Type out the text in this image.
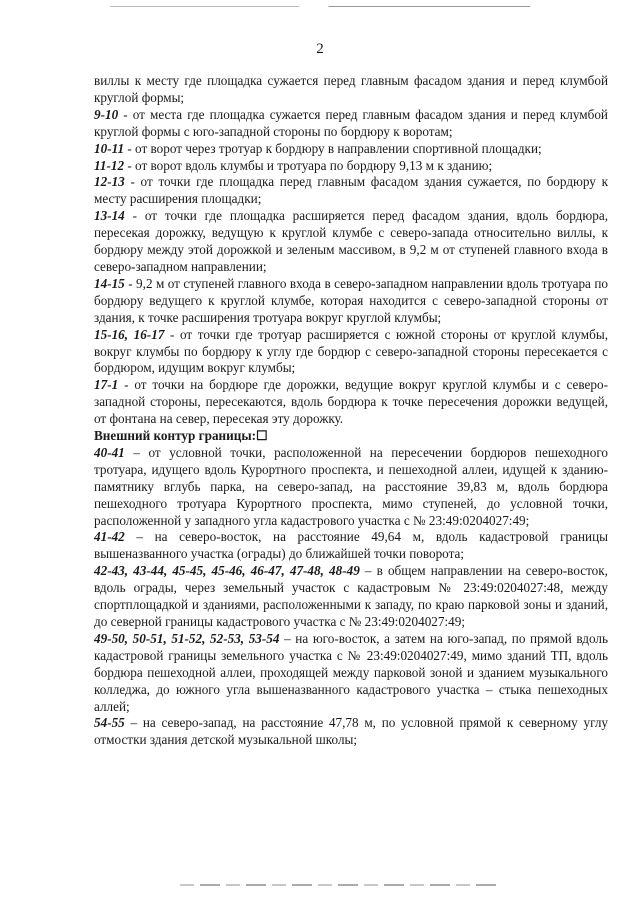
2

виллы к месту где площадка сужается перед главным фасадом здания и перед клумбой круглой формы;

9-10 - от места где площадка сужается перед главным фасадом здания и перед клумбой круглой формы с юго-западной стороны по бордюру к воротам;

10-11 - от ворот через тротуар к бордюру в направлении спортивной площадки;

11-12 - от ворот вдоль клумбы и тротуара по бордюру 9,13 м к зданию;

12-13 - от точки где площадка перед главным фасадом здания сужается, по бордюру к месту расширения площадки;

13-14 - от точки где площадка расширяется перед фасадом здания, вдоль бордюра, пересекая дорожку, ведущую к круглой клумбе с северо-запада относительно виллы, к бордюру между этой дорожкой и зеленым массивом, в 9,2 м от ступеней главного входа в северо-западном направлении;

14-15 - 9,2 м от ступеней главного входа в северо-западном направлении вдоль тротуара по бордюру ведущего к круглой клумбе, которая находится с северо-западной стороны от здания, к точке расширения тротуара вокруг круглой клумбы;

15-16, 16-17 - от точки где тротуар расширяется с южной стороны от круглой клумбы, вокруг клумбы по бордюру к углу где бордюр с северо-западной стороны пересекается с бордюром, идущим вокруг клумбы;

17-1 - от точки на бордюре где дорожки, ведущие вокруг круглой клумбы и с северо-западной стороны, пересекаются, вдоль бордюра к точке пересечения дорожки ведущей, от фонтана на север, пересекая эту дорожку.

Внешний контур границы:☐

40-41 – от условной точки, расположенной на пересечении бордюров пешеходного тротуара, идущего вдоль Курортного проспекта, и пешеходной аллеи, идущей к зданию-памятнику вглубь парка, на северо-запад, на расстояние 39,83 м, вдоль бордюра пешеходного тротуара Курортного проспекта, мимо ступеней, до условной точки, расположенной у западного угла кадастрового участка с № 23:49:0204027:49;

41-42 – на северо-восток, на расстояние 49,64 м, вдоль кадастровой границы вышеназванного участка (ограды) до ближайшей точки поворота;

42-43, 43-44, 45-45, 45-46, 46-47, 47-48, 48-49 – в общем направлении на северо-восток, вдоль ограды, через земельный участок с кадастровым № 23:49:0204027:48, между спортплощадкой и зданиями, расположенными к западу, по краю парковой зоны и зданий, до северной границы кадастрового участка с № 23:49:0204027:49;

49-50, 50-51, 51-52, 52-53, 53-54 – на юго-восток, а затем на юго-запад, по прямой вдоль кадастровой границы земельного участка с № 23:49:0204027:49, мимо зданий ТП, вдоль бордюра пешеходной аллеи, проходящей между парковой зоной и зданием музыкального колледжа, до южного угла вышеназванного кадастрового участка – стыка пешеходных аллей;

54-55 – на северо-запад, на расстояние 47,78 м, по условной прямой к северному углу отмостки здания детской музыкальной школы;
